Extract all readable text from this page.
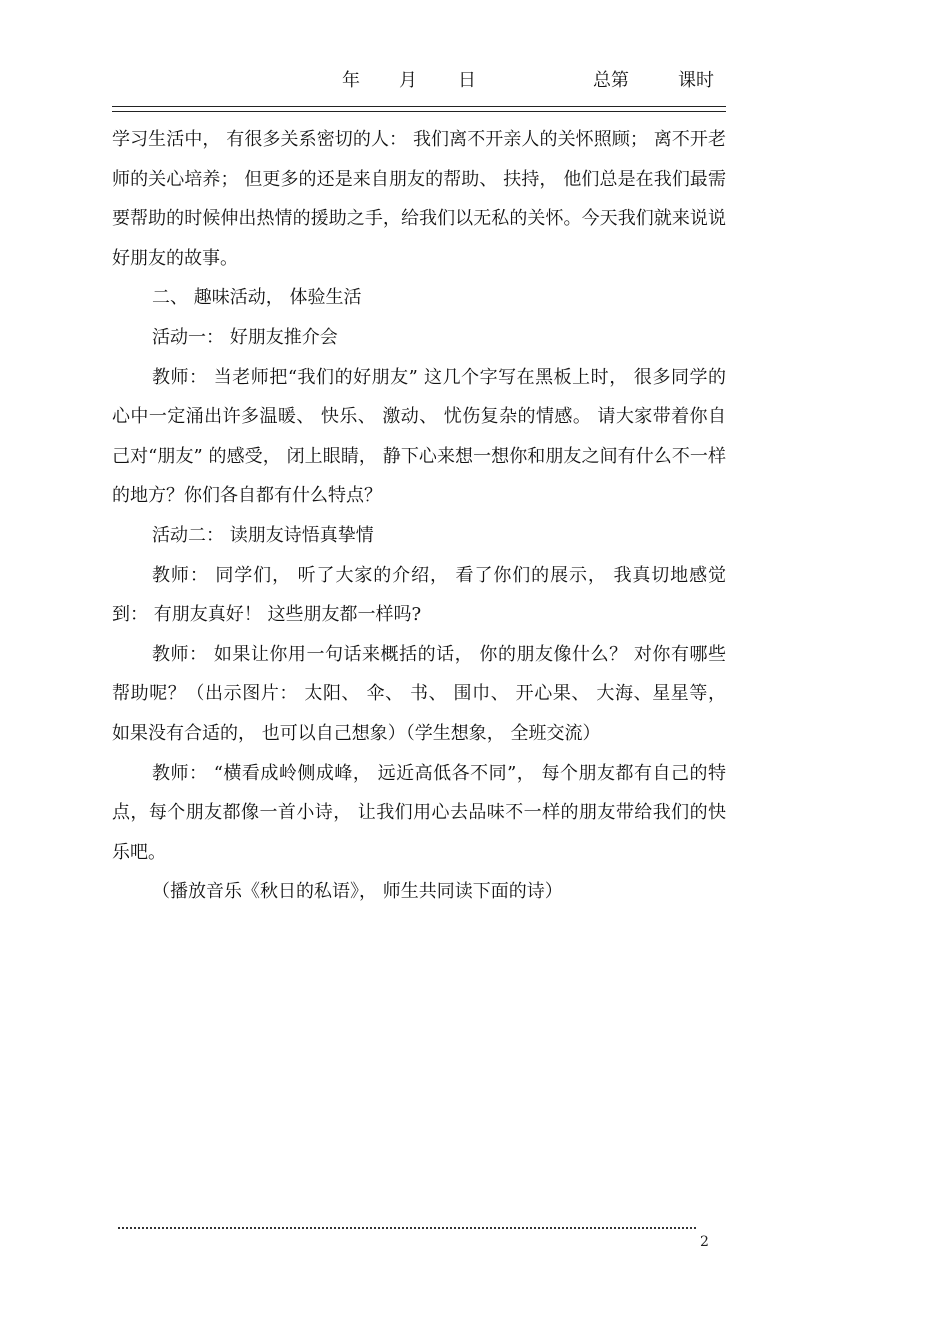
年 月 日	总第	课时

学习生活中， 有很多关系密切的人： 我们离不开亲人的关怀照顾； 离不开老师的关心培养； 但更多的还是来自朋友的帮助、 扶持， 他们总是在我们最需要帮助的时候伸出热情的援助之手，给我们以无私的关怀。今天我们就来说说好朋友的故事。

二、 趣味活动， 体验生活

活动一： 好朋友推介会

教师： 当老师把“我们的好朋友” 这几个字写在黑板上时， 很多同学的心中一定涌出许多温暖、 快乐、 激动、 忧伤复杂的情感。 请大家带着你自己对“朋友” 的感受， 闭上眼睛， 静下心来想一想你和朋友之间有什么不一样的地方？你们各自都有什么特点？

活动二： 读朋友诗悟真挚情

教师： 同学们， 听了大家的介绍， 看了你们的展示， 我真切地感觉到： 有朋友真好！ 这些朋友都一样吗?

教师： 如果让你用一句话来概括的话， 你的朋友像什么？ 对你有哪些帮助呢？（出示图片： 太阳、 伞、 书、 围巾、 开心果、 大海、星星等， 如果没有合适的， 也可以自己想象）（学生想象， 全班交流）

教师： “横看成岭侧成峰， 远近高低各不同”， 每个朋友都有自己的特点，每个朋友都像一首小诗， 让我们用心去品味不一样的朋友带给我们的快乐吧。

（播放音乐《秋日的私语》， 师生共同读下面的诗）

2
